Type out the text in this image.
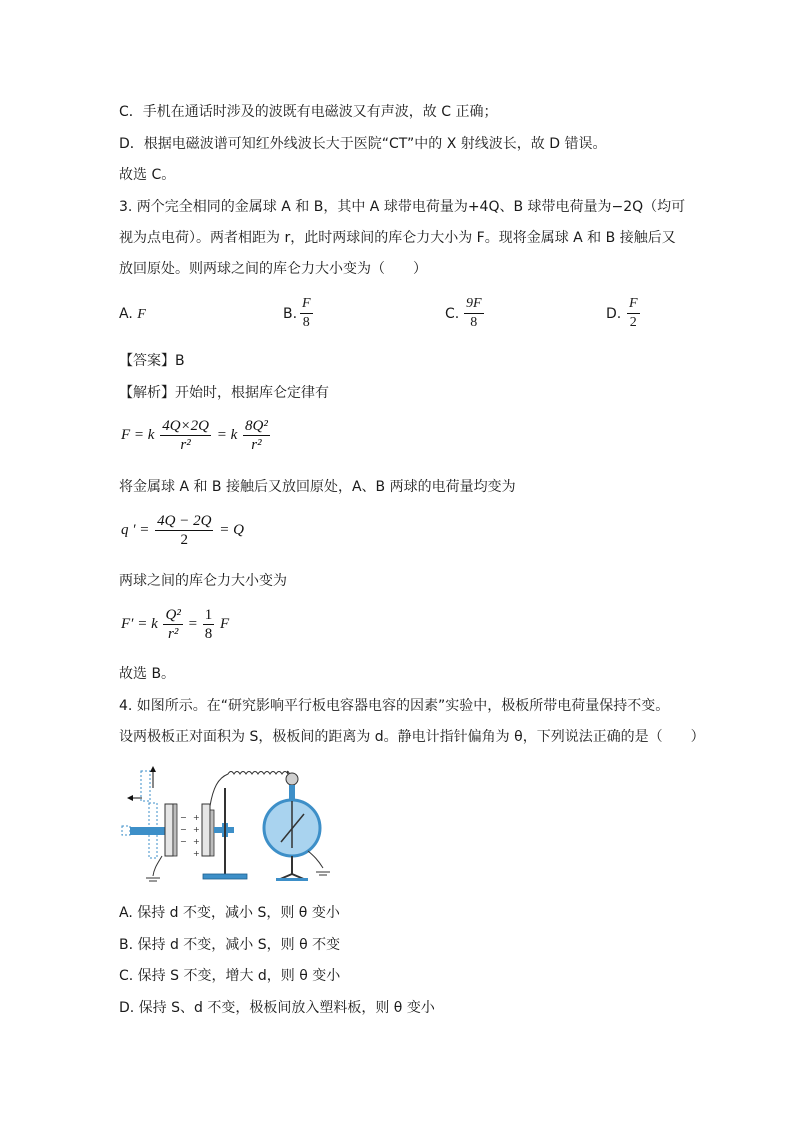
C．手机在通话时涉及的波既有电磁波又有声波，故 C 正确；
D．根据电磁波谱可知红外线波长大于医院“CT”中的 X 射线波长，故 D 错误。
故选 C。
3. 两个完全相同的金属球 A 和 B，其中 A 球带电荷量为+4Q、B 球带电荷量为−2Q（均可
视为点电荷）。两者相距为 r，此时两球间的库仑力大小为 F。现将金属球 A 和 B 接触后又
放回原处。则两球之间的库仑力大小变为（　　）
A. F	B. $\frac{F}{8}$	C. $\frac{9F}{8}$	D. $\frac{F}{2}$
【答案】B
【解析】开始时，根据库仑定律有
F = k $\frac{4Q\times 2Q}{\text{r²}} = k \frac{\text{8Q²}}{\text{r²}}$
将金属球 A 和 B 接触后又放回原处，A、B 两球的电荷量均变为
q ′ = $\frac{4Q - 2Q}{2} = Q$
两球之间的库仑力大小变为
F′ = k $\frac{\text{Q²}}{\text{r²}} = \frac{1}{8}$ F
故选 B。
4. 如图所示。在“研究影响平行板电容器电容的因素”实验中，极板所带电荷量保持不变。
设两极板正对面积为 S，极板间的距离为 d。静电计指针偏角为 θ，下列说法正确的是（　　）
−
−
−
+
+
+
+
A. 保持 d 不变，减小 S，则 θ 变小
B. 保持 d 不变，减小 S，则 θ 不变
C. 保持 S 不变，增大 d，则 θ 变小
D. 保持 S、d 不变，极板间放入塑料板，则 θ 变小
